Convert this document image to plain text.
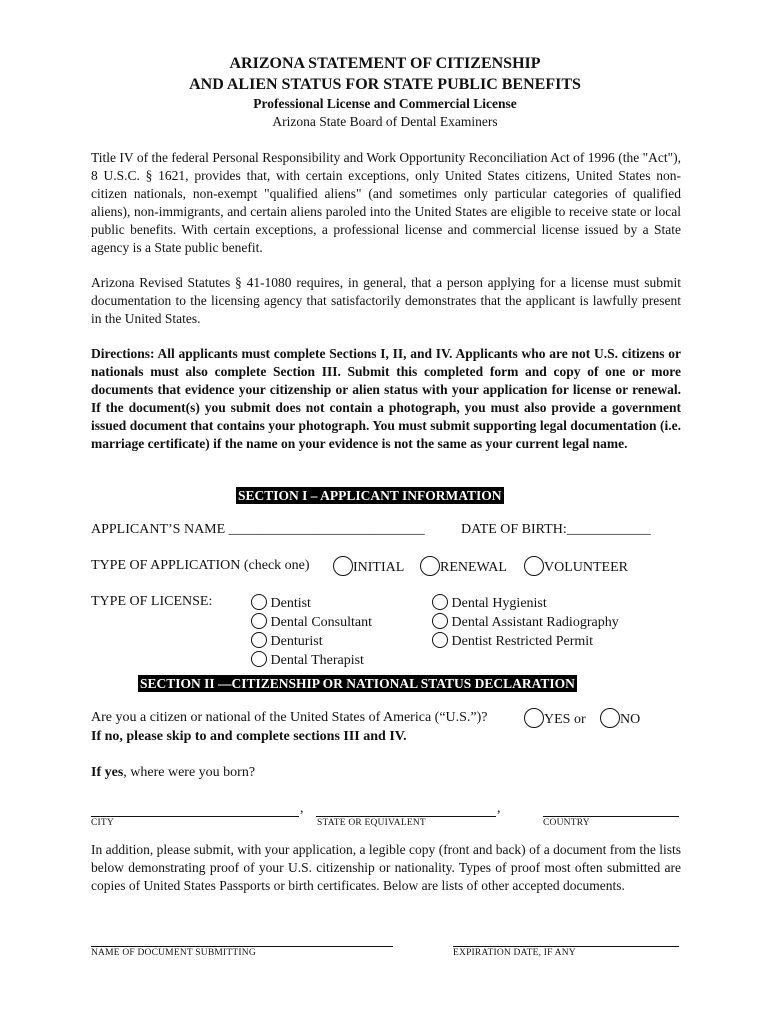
ARIZONA STATEMENT OF CITIZENSHIP
AND ALIEN STATUS FOR STATE PUBLIC BENEFITS
Professional License and Commercial License
Arizona State Board of Dental Examiners
Title IV of the federal Personal Responsibility and Work Opportunity Reconciliation Act of 1996 (the "Act"), 8 U.S.C. § 1621, provides that, with certain exceptions, only United States citizens, United States non-citizen nationals, non-exempt "qualified aliens" (and sometimes only particular categories of qualified aliens), non-immigrants, and certain aliens paroled into the United States are eligible to receive state or local public benefits. With certain exceptions, a professional license and commercial license issued by a State agency is a State public benefit.
Arizona Revised Statutes § 41-1080 requires, in general, that a person applying for a license must submit documentation to the licensing agency that satisfactorily demonstrates that the applicant is lawfully present in the United States.
Directions: All applicants must complete Sections I, II, and IV. Applicants who are not U.S. citizens or nationals must also complete Section III. Submit this completed form and copy of one or more documents that evidence your citizenship or alien status with your application for license or renewal. If the document(s) you submit does not contain a photograph, you must also provide a government issued document that contains your photograph. You must submit supporting legal documentation (i.e. marriage certificate) if the name on your evidence is not the same as your current legal name.
SECTION I – APPLICANT INFORMATION
APPLICANT’S NAME ____________________________	DATE OF BIRTH:____________
TYPE OF APPLICATION (check one)	INITIAL	RENEWAL	VOLUNTEER
TYPE OF LICENSE:	Dentist
Dental Consultant
Denturist
Dental Therapist
Dental Hygienist
Dental Assistant Radiography
Dentist Restricted Permit
SECTION II —CITIZENSHIP OR NATIONAL STATUS DECLARATION
Are you a citizen or national of the United States of America (“U.S.”)?	YES or	NO
If no, please skip to and complete sections III and IV.
If yes, where were you born?
,	,
CITY	STATE OR EQUIVALENT	COUNTRY
In addition, please submit, with your application, a legible copy (front and back) of a document from the lists below demonstrating proof of your U.S. citizenship or nationality. Types of proof most often submitted are copies of United States Passports or birth certificates. Below are lists of other accepted documents.
NAME OF DOCUMENT SUBMITTING	EXPIRATION DATE, IF ANY
